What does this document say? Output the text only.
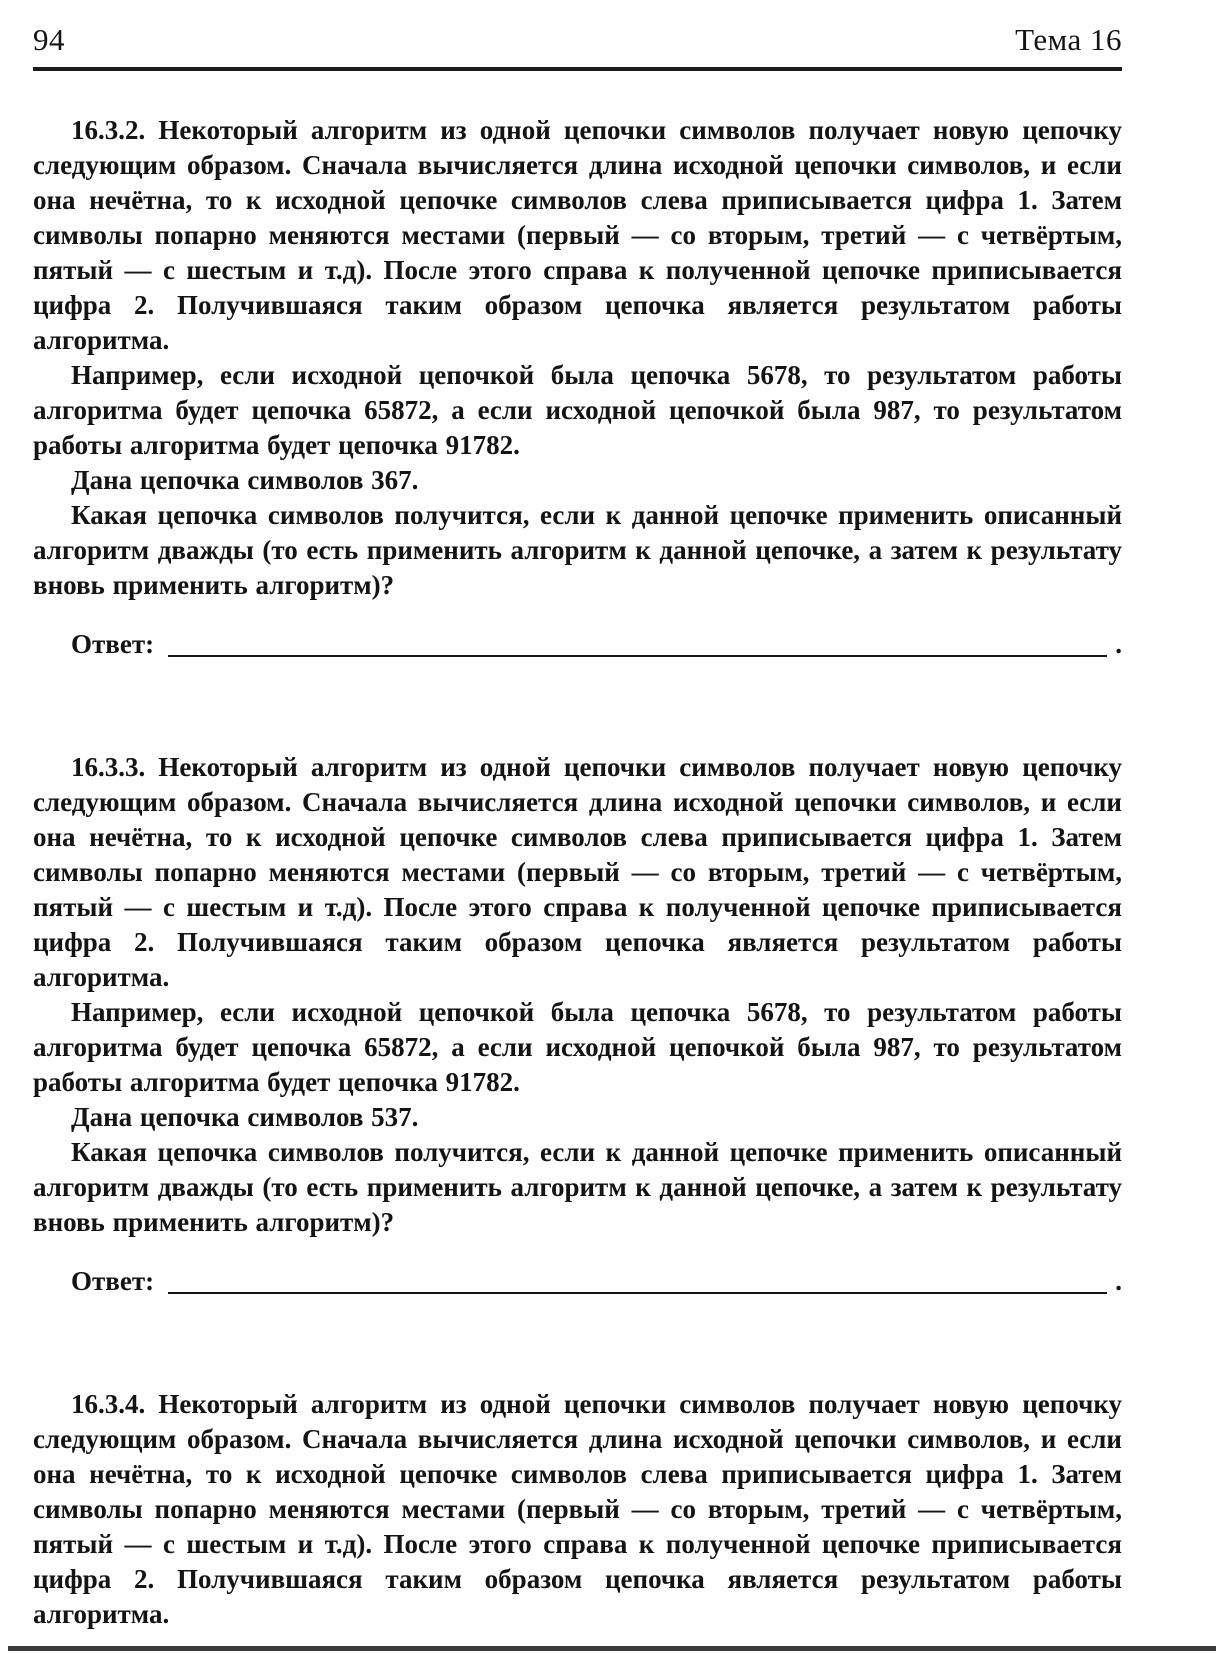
94	Тема 16

16.3.2. Некоторый алгоритм из одной цепочки символов получает новую цепочку следующим образом. Сначала вычисляется длина исходной цепочки символов, и если она нечётна, то к исходной цепочке символов слева приписывается цифра 1. Затем символы попарно меняются местами (первый — со вторым, третий — с четвёртым, пятый — с шестым и т.д). После этого справа к полученной цепочке приписывается цифра 2. Получившаяся таким образом цепочка является результатом работы алгоритма.

Например, если исходной цепочкой была цепочка 5678, то результатом работы алгоритма будет цепочка 65872, а если исходной цепочкой была 987, то результатом работы алгоритма будет цепочка 91782.

Дана цепочка символов 367.

Какая цепочка символов получится, если к данной цепочке применить описанный алгоритм дважды (то есть применить алгоритм к данной цепочке, а затем к результату вновь применить алгоритм)?

Ответ:	.

16.3.3. Некоторый алгоритм из одной цепочки символов получает новую цепочку следующим образом. Сначала вычисляется длина исходной цепочки символов, и если она нечётна, то к исходной цепочке символов слева приписывается цифра 1. Затем символы попарно меняются местами (первый — со вторым, третий — с четвёртым, пятый — с шестым и т.д). После этого справа к полученной цепочке приписывается цифра 2. Получившаяся таким образом цепочка является результатом работы алгоритма.

Например, если исходной цепочкой была цепочка 5678, то результатом работы алгоритма будет цепочка 65872, а если исходной цепочкой была 987, то результатом работы алгоритма будет цепочка 91782.

Дана цепочка символов 537.

Какая цепочка символов получится, если к данной цепочке применить описанный алгоритм дважды (то есть применить алгоритм к данной цепочке, а затем к результату вновь применить алгоритм)?

Ответ:	.

16.3.4. Некоторый алгоритм из одной цепочки символов получает новую цепочку следующим образом. Сначала вычисляется длина исходной цепочки символов, и если она нечётна, то к исходной цепочке символов слева приписывается цифра 1. Затем символы попарно меняются местами (первый — со вторым, третий — с четвёртым, пятый — с шестым и т.д). После этого справа к полученной цепочке приписывается цифра 2. Получившаяся таким образом цепочка является результатом работы алгоритма.
